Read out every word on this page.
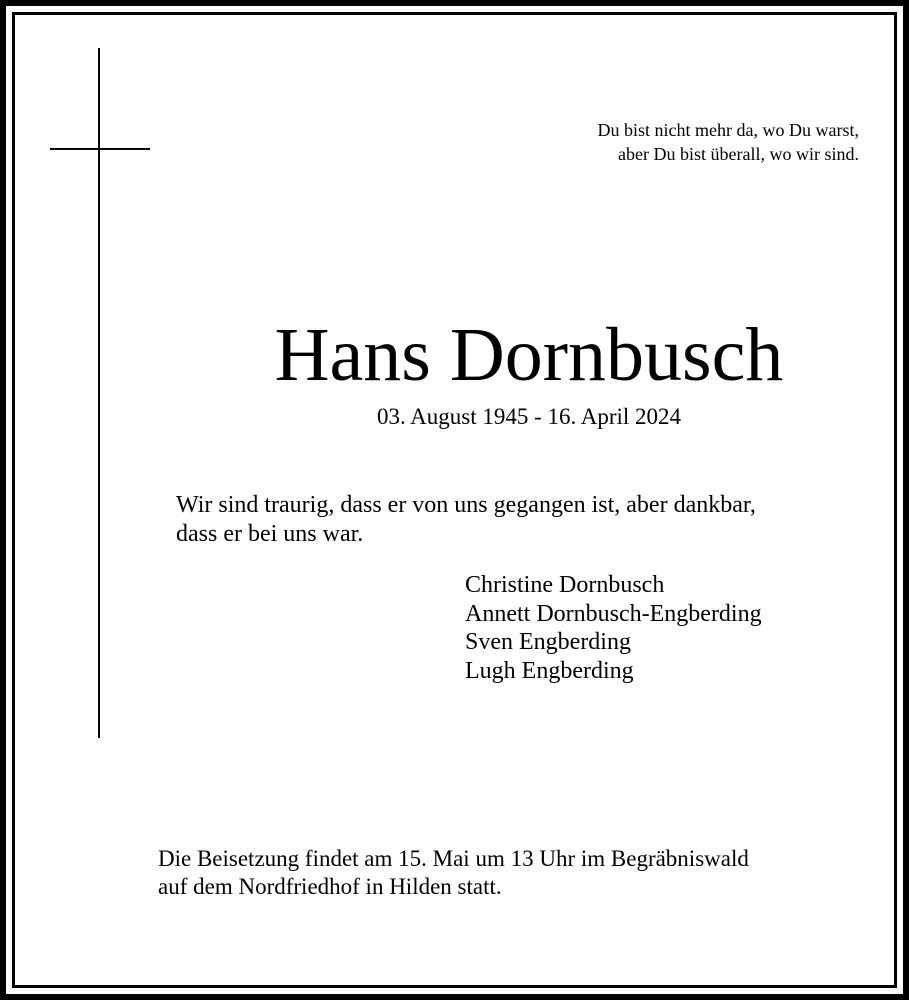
Du bist nicht mehr da, wo Du warst,
aber Du bist überall, wo wir sind.
Hans Dornbusch
03. August 1945 - 16. April 2024
Wir sind traurig, dass er von uns gegangen ist, aber dankbar,
dass er bei uns war.
Christine Dornbusch
Annett Dornbusch-Engberding
Sven Engberding
Lugh Engberding
Die Beisetzung findet am 15. Mai um 13 Uhr im Begräbniswald
auf dem Nordfriedhof in Hilden statt.
